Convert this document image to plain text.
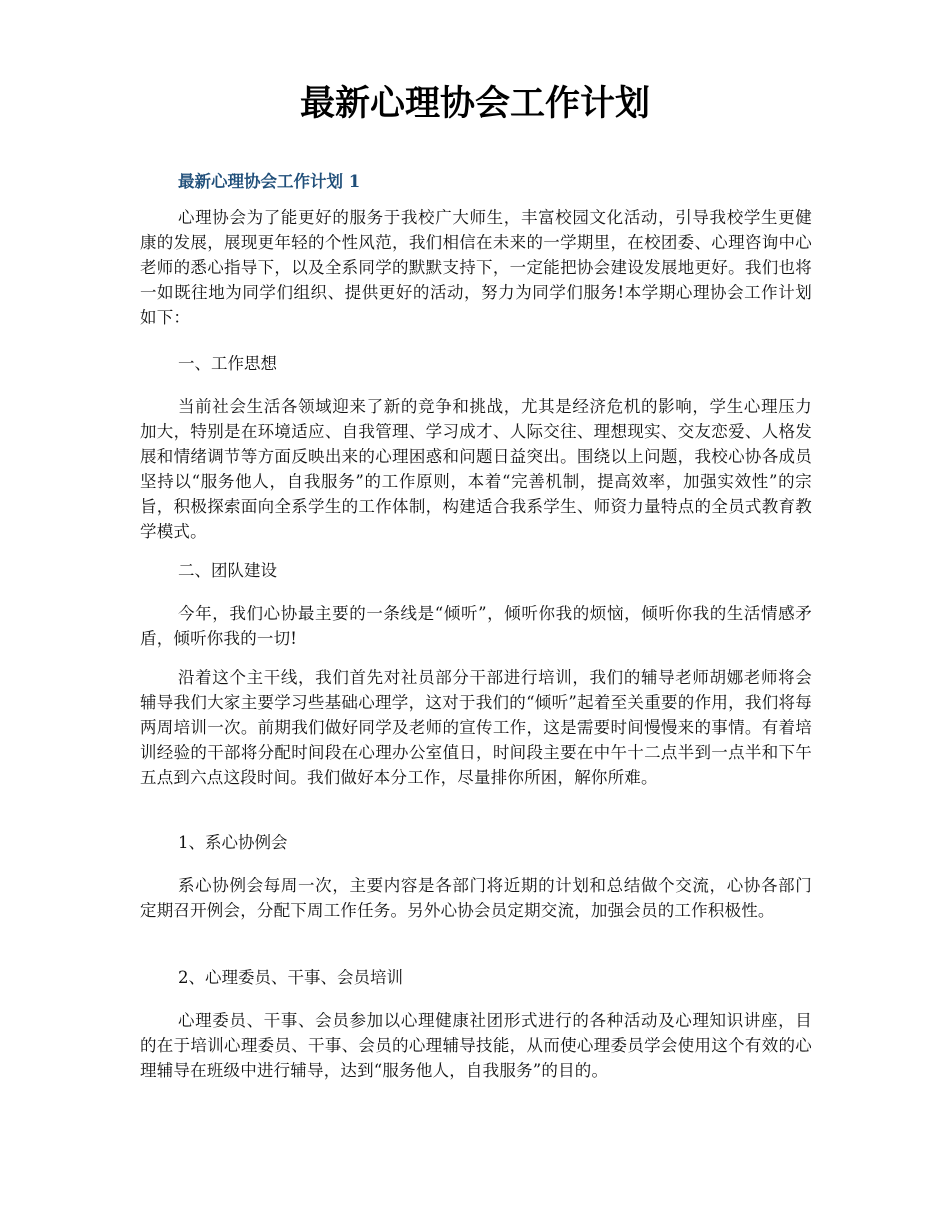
最新心理协会工作计划
最新心理协会工作计划 1

心理协会为了能更好的服务于我校广大师生，丰富校园文化活动，引导我校学生更健康的发展，展现更年轻的个性风范，我们相信在未来的一学期里，在校团委、心理咨询中心老师的悉心指导下，以及全系同学的默默支持下，一定能把协会建设发展地更好。我们也将一如既往地为同学们组织、提供更好的活动，努力为同学们服务!本学期心理协会工作计划如下：

一、工作思想

当前社会生活各领域迎来了新的竞争和挑战，尤其是经济危机的影响，学生心理压力加大，特别是在环境适应、自我管理、学习成才、人际交往、理想现实、交友恋爱、人格发展和情绪调节等方面反映出来的心理困惑和问题日益突出。围绕以上问题，我校心协各成员坚持以“服务他人，自我服务”的工作原则，本着“完善机制，提高效率，加强实效性”的宗旨，积极探索面向全系学生的工作体制，构建适合我系学生、师资力量特点的全员式教育教学模式。

二、团队建设

今年，我们心协最主要的一条线是“倾听”，倾听你我的烦恼，倾听你我的生活情感矛盾，倾听你我的一切!

沿着这个主干线，我们首先对社员部分干部进行培训，我们的辅导老师胡娜老师将会辅导我们大家主要学习些基础心理学，这对于我们的“倾听”起着至关重要的作用，我们将每两周培训一次。前期我们做好同学及老师的宣传工作，这是需要时间慢慢来的事情。有着培训经验的干部将分配时间段在心理办公室值日，时间段主要在中午十二点半到一点半和下午五点到六点这段时间。我们做好本分工作，尽量排你所困，解你所难。

1、系心协例会

系心协例会每周一次，主要内容是各部门将近期的计划和总结做个交流，心协各部门定期召开例会，分配下周工作任务。另外心协会员定期交流，加强会员的工作积极性。

2、心理委员、干事、会员培训

心理委员、干事、会员参加以心理健康社团形式进行的各种活动及心理知识讲座，目的在于培训心理委员、干事、会员的心理辅导技能，从而使心理委员学会使用这个有效的心理辅导在班级中进行辅导，达到“服务他人，自我服务”的目的。
